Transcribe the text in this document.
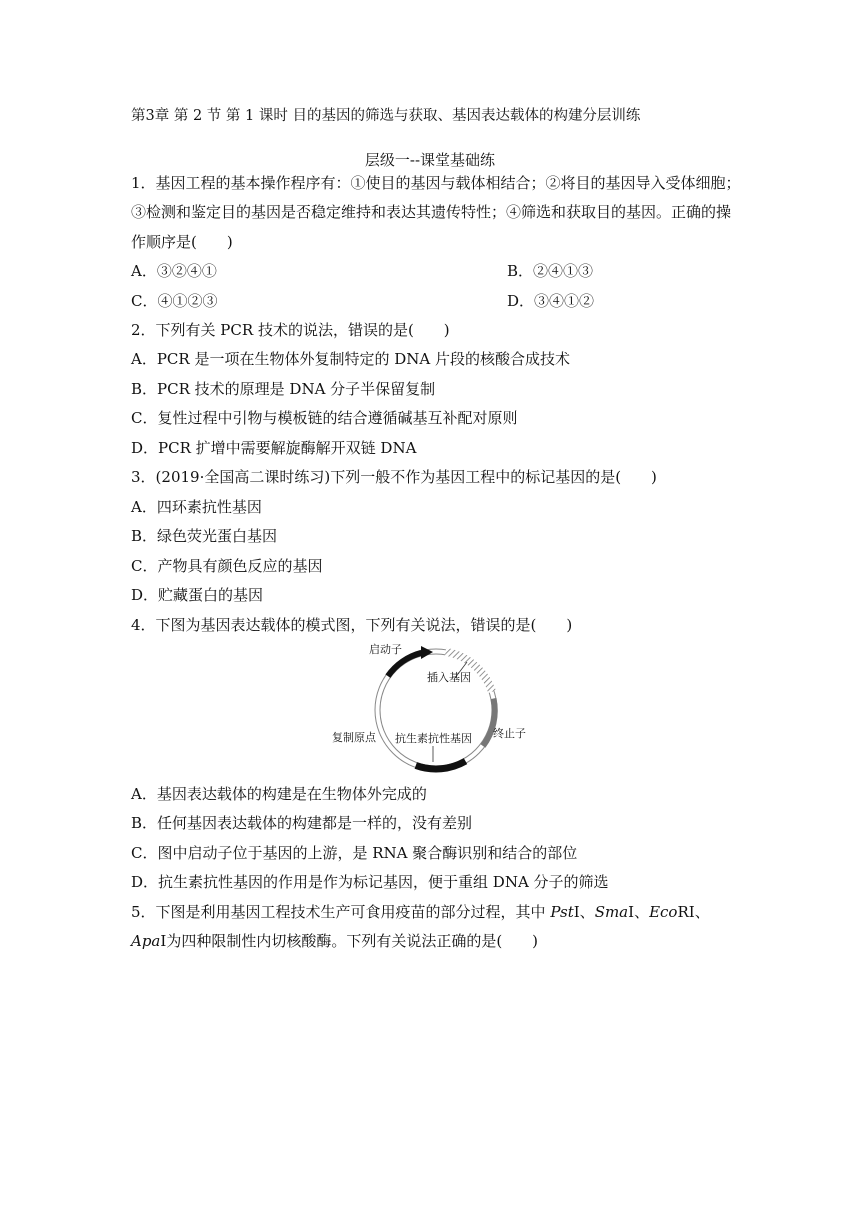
第3章 第 2 节 第 1 课时 目的基因的筛选与获取、基因表达载体的构建分层训练
层级一--课堂基础练
1．基因工程的基本操作程序有：①使目的基因与载体相结合；②将目的基因导入受体细胞；
③检测和鉴定目的基因是否稳定维持和表达其遗传特性；④筛选和获取目的基因。正确的操
作顺序是(　　)
A．③②④①	B．②④①③
C．④①②③	D．③④①②
2．下列有关 PCR 技术的说法，错误的是(　　)
A．PCR 是一项在生物体外复制特定的 DNA 片段的核酸合成技术
B．PCR 技术的原理是 DNA 分子半保留复制
C．复性过程中引物与模板链的结合遵循碱基互补配对原则
D．PCR 扩增中需要解旋酶解开双链 DNA
3．(2019·全国高二课时练习)下列一般不作为基因工程中的标记基因的是(　　)
A．四环素抗性基因
B．绿色荧光蛋白基因
C．产物具有颜色反应的基因
D．贮藏蛋白的基因
4．下图为基因表达载体的模式图，下列有关说法，错误的是(　　)
启动子
插入基因
终止子
复制原点 抗生素抗性基因
A．基因表达载体的构建是在生物体外完成的
B．任何基因表达载体的构建都是一样的，没有差别
C．图中启动子位于基因的上游，是 RNA 聚合酶识别和结合的部位
D．抗生素抗性基因的作用是作为标记基因，便于重组 DNA 分子的筛选
5．下图是利用基因工程技术生产可食用疫苗的部分过程，其中 PstⅠ、SmaⅠ、EcoRⅠ、
ApaⅠ为四种限制性内切核酸酶。下列有关说法正确的是(　　)
